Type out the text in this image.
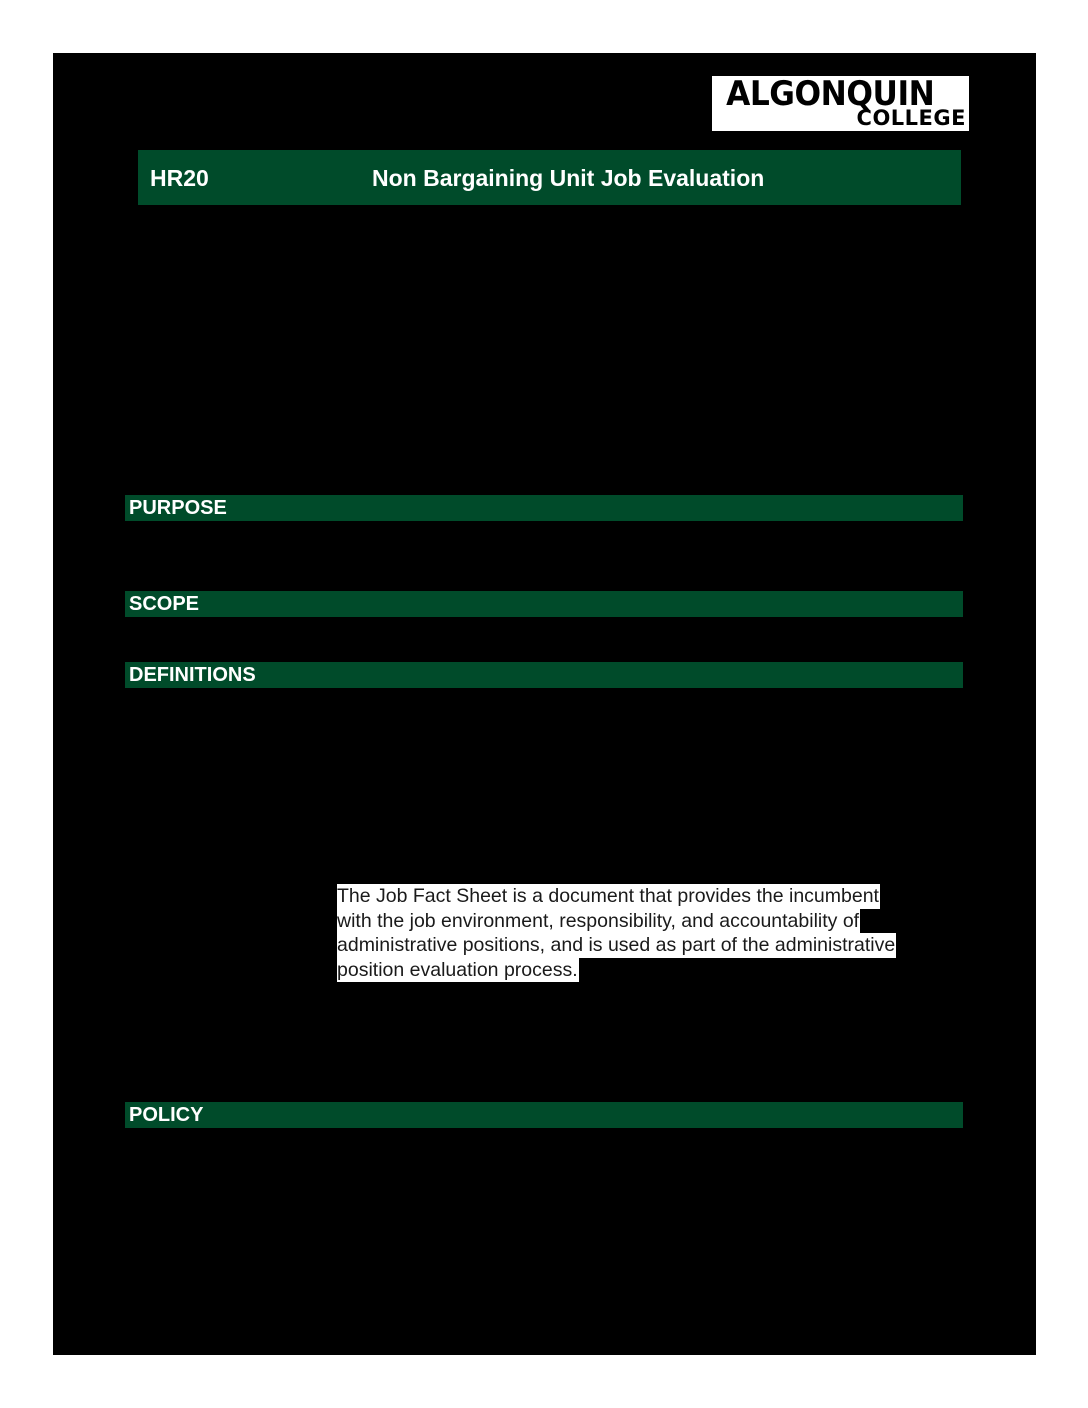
ALGONQUIN
COLLEGE
HR20	Non Bargaining Unit Job Evaluation
PURPOSE
SCOPE
DEFINITIONS
POLICY
The Job Fact Sheet is a document that provides the incumbent
with the job environment, responsibility, and accountability of
administrative positions, and is used as part of the administrative
position evaluation process.
